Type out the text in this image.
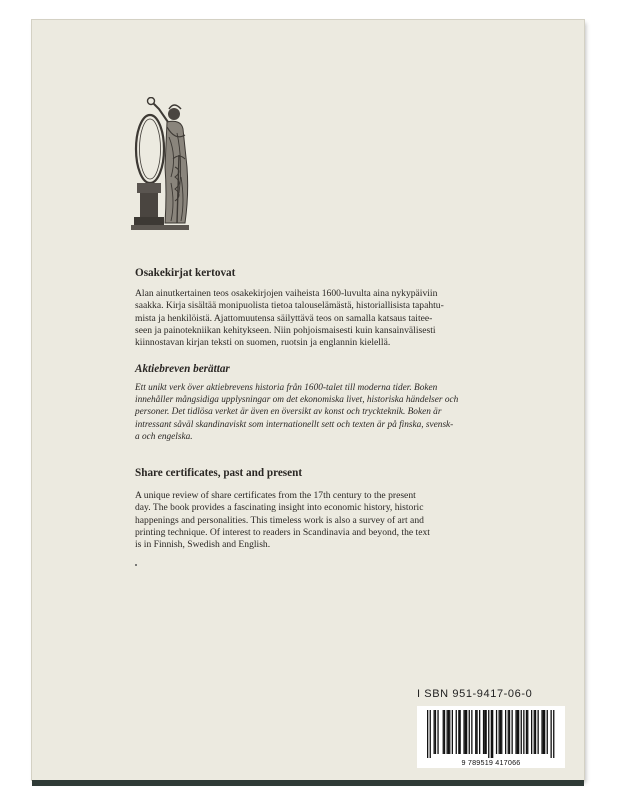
Osakekirjat kertovat
Alan ainutkertainen teos osakekirjojen vaiheista 1600-luvulta aina nykypäiviin
saakka. Kirja sisältää monipuolista tietoa talouselämästä, historiallisista tapahtu-
mista ja henkilöistä. Ajattomuutensa säilyttävä teos on samalla katsaus taitee-
seen ja painotekniikan kehitykseen. Niin pohjoismaisesti kuin kansainvälisesti
kiinnostavan kirjan teksti on suomen, ruotsin ja englannin kielellä.
Aktiebreven berättar
Ett unikt verk över aktiebrevens historia från 1600-talet till moderna tider. Boken
innehåller mångsidiga upplysningar om det ekonomiska livet, historiska händelser och
personer. Det tidlösa verket är även en översikt av konst och tryckteknik. Boken är
intressant såväl skandinaviskt som internationellt sett och texten är på finska, svensk-
a och engelska.
Share certificates, past and present
A unique review of share certificates from the 17th century to the present
day. The book provides a fascinating insight into economic history, historic
happenings and personalities. This timeless work is also a survey of art and
printing technique. Of interest to readers in Scandinavia and beyond, the text
is in Finnish, Swedish and English.
I SBN 951-9417-06-0
9 789519 417066
